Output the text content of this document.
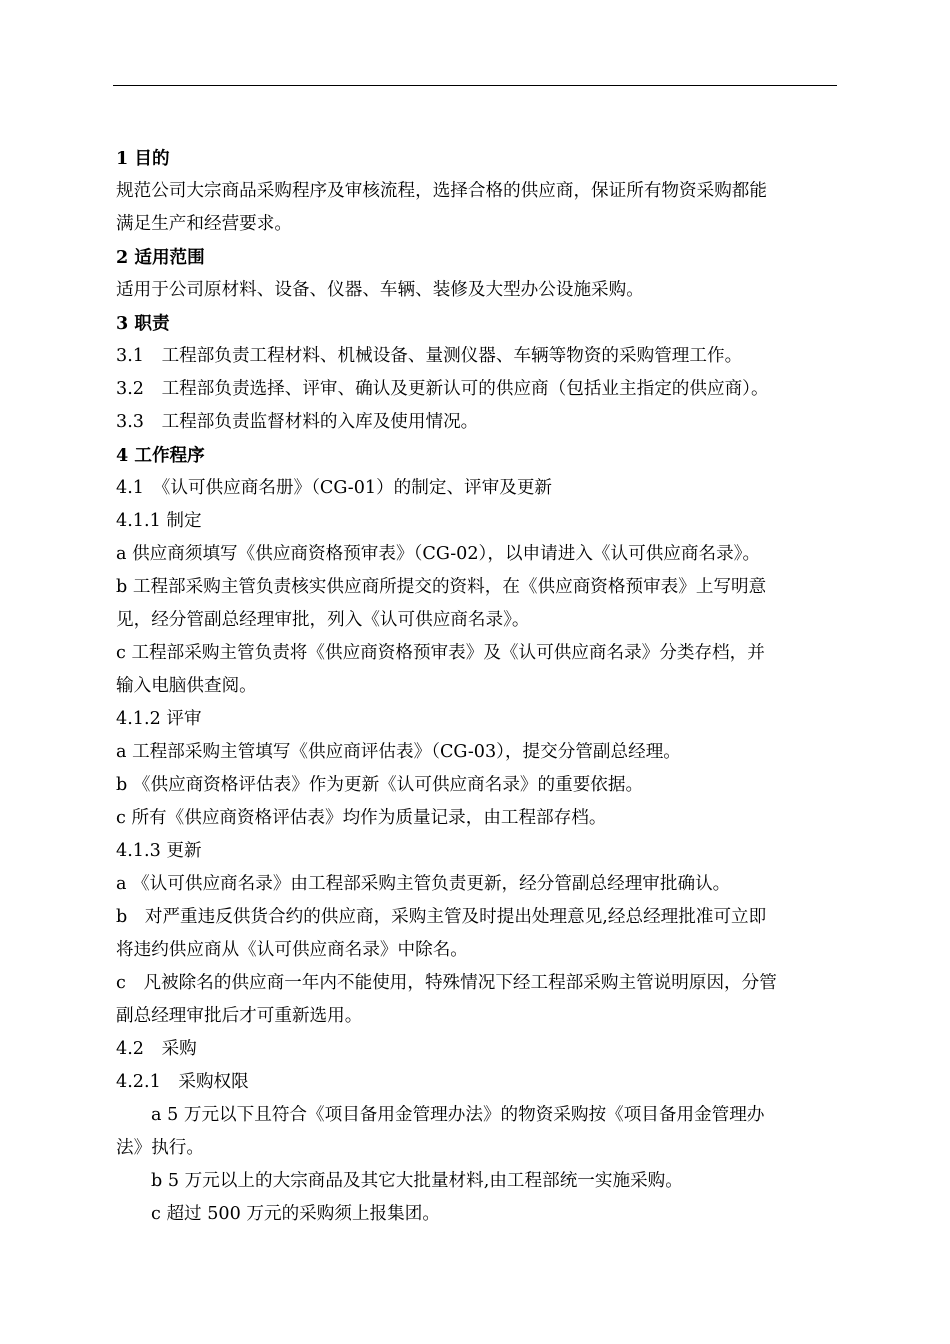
1 目的
规范公司大宗商品采购程序及审核流程，选择合格的供应商，保证所有物资采购都能
满足生产和经营要求。
2 适用范围
适用于公司原材料、设备、仪器、车辆、装修及大型办公设施采购。
3 职责
3.1　工程部负责工程材料、机械设备、量测仪器、车辆等物资的采购管理工作。
3.2　工程部负责选择、评审、确认及更新认可的供应商（包括业主指定的供应商）。
3.3　工程部负责监督材料的入库及使用情况。
4 工作程序
4.1　《认可供应商名册》（CG-01）的制定、评审及更新
4.1.1 制定
a 供应商须填写《供应商资格预审表》（CG-02），以申请进入《认可供应商名录》。
b 工程部采购主管负责核实供应商所提交的资料，在《供应商资格预审表》上写明意
见，经分管副总经理审批，列入《认可供应商名录》。
c 工程部采购主管负责将《供应商资格预审表》及《认可供应商名录》分类存档，并
输入电脑供查阅。
4.1.2 评审
a 工程部采购主管填写《供应商评估表》（CG-03），提交分管副总经理。
b 《供应商资格评估表》作为更新《认可供应商名录》的重要依据。
c 所有《供应商资格评估表》均作为质量记录，由工程部存档。
4.1.3 更新
a 《认可供应商名录》由工程部采购主管负责更新，经分管副总经理审批确认。
b　对严重违反供货合约的供应商，采购主管及时提出处理意见,经总经理批准可立即
将违约供应商从《认可供应商名录》中除名。
c　凡被除名的供应商一年内不能使用，特殊情况下经工程部采购主管说明原因，分管
副总经理审批后才可重新选用。
4.2　采购
4.2.1　采购权限
a 5 万元以下且符合《项目备用金管理办法》的物资采购按《项目备用金管理办
法》执行。
b 5 万元以上的大宗商品及其它大批量材料,由工程部统一实施采购。
c 超过 500 万元的采购须上报集团。
